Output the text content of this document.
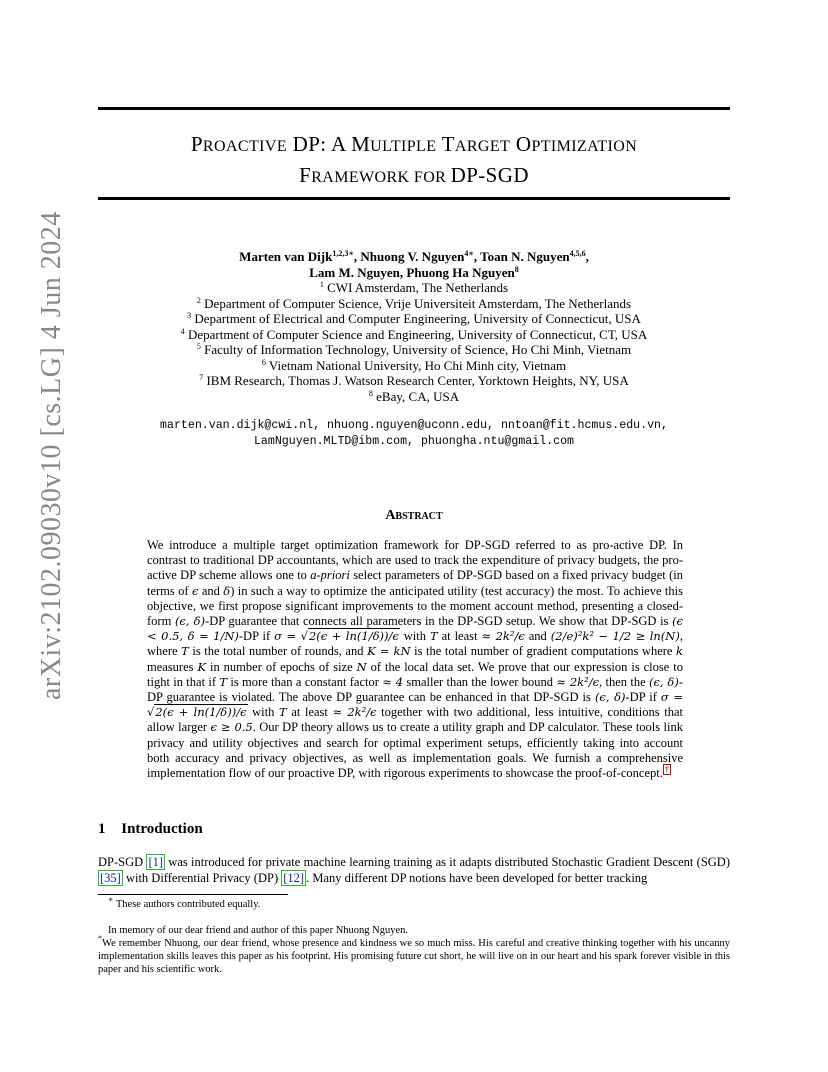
arXiv:2102.09030v10 [cs.LG] 4 Jun 2024
PROACTIVE DP: A MULTIPLE TARGET OPTIMIZATION
FRAMEWORK FOR DP-SGD
Marten van Dijk$^{1,2,3∗}$, Nhuong V. Nguyen$^{4∗}$, Toan N. Nguyen$^{4,5,6}$,
Lam M. Nguyen, Phuong Ha Nguyen$^8$
$^1$ CWI Amsterdam, The Netherlands
$^2$ Department of Computer Science, Vrije Universiteit Amsterdam, The Netherlands
$^3$ Department of Electrical and Computer Engineering, University of Connecticut, USA
$^4$ Department of Computer Science and Engineering, University of Connecticut, CT, USA
$^5$ Faculty of Information Technology, University of Science, Ho Chi Minh, Vietnam
$^6$ Vietnam National University, Ho Chi Minh city, Vietnam
$^7$ IBM Research, Thomas J. Watson Research Center, Yorktown Heights, NY, USA
$^8$ eBay, CA, USA
marten.van.dijk@cwi.nl, nhuong.nguyen@uconn.edu, nntoan@fit.hcmus.edu.vn,
LamNguyen.MLTD@ibm.com, phuongha.ntu@gmail.com
Abstract

We introduce a multiple target optimization framework for DP-SGD referred to as pro-active DP. In contrast to traditional DP accountants, which are used to track the expenditure of privacy budgets, the pro-active DP scheme allows one to a-priori select parameters of DP-SGD based on a fixed privacy budget (in terms of ϵ and δ) in such a way to optimize the anticipated utility (test accuracy) the most. To achieve this objective, we first propose significant improvements to the moment account method, presenting a closed-form (ϵ, δ)-DP guarantee that connects all parameters in the DP-SGD setup. We show that DP-SGD is (ϵ < 0.5, δ = 1/N)-DP if σ = √2(ϵ + ln(1/δ))/ϵ with T at least ≈ 2k²/ϵ and (2/e)²k² − 1/2 ≥ ln(N), where T is the total number of rounds, and K = kN is the total number of gradient computations where k measures K in number of epochs of size N of the local data set. We prove that our expression is close to tight in that if T is more than a constant factor ≈ 4 smaller than the lower bound ≈ 2k²/ϵ, then the (ϵ, δ)-DP guarantee is violated. The above DP guarantee can be enhanced in that DP-SGD is (ϵ, δ)-DP if σ = √2(ϵ + ln(1/δ))/ϵ with T at least ≈ 2k²/ϵ together with two additional, less intuitive, conditions that allow larger ϵ ≥ 0.5. Our DP theory allows us to create a utility graph and DP calculator. These tools link privacy and utility objectives and search for optimal experiment setups, efficiently taking into account both accuracy and privacy objectives, as well as implementation goals. We furnish a comprehensive implementation flow of our proactive DP, with rigorous experiments to showcase the proof-of-concept. †

1 Introduction
DP-SGD [1] was introduced for private machine learning training as it adapts distributed Stochastic Gradient Descent (SGD) [35] with Differential Privacy (DP) [12] . Many different DP notions have been developed for better tracking
∗ These authors contributed equally.
In memory of our dear friend and author of this paper Nhuong Nguyen.
*We remember Nhuong, our dear friend, whose presence and kindness we so much miss. His careful and creative thinking together with his uncanny implementation skills leaves this paper as his footprint. His promising future cut short, he will live on in our heart and his spark forever visible in this paper and his scientific work.
